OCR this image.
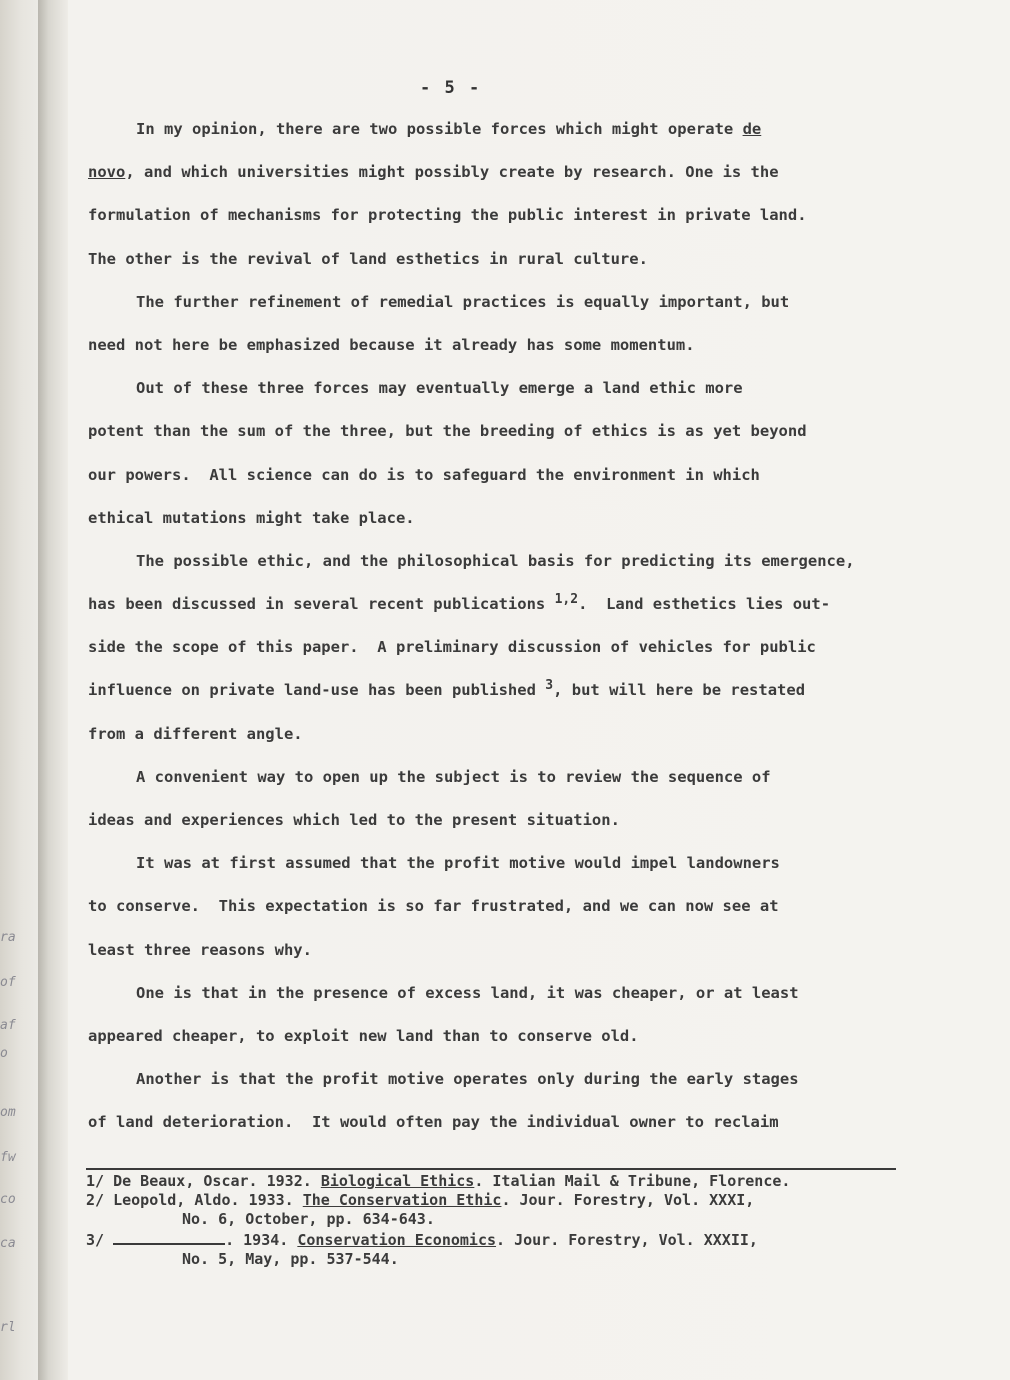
ra
of
af
o
om
fw
co
ca
rl
- 5 -
In my opinion, there are two possible forces which might operate de
novo, and which universities might possibly create by research. One is the
formulation of mechanisms for protecting the public interest in private land.
The other is the revival of land esthetics in rural culture.
The further refinement of remedial practices is equally important, but
need not here be emphasized because it already has some momentum.
Out of these three forces may eventually emerge a land ethic more
potent than the sum of the three, but the breeding of ethics is as yet beyond
our powers.  All science can do is to safeguard the environment in which
ethical mutations might take place.
The possible ethic, and the philosophical basis for predicting its emergence,
has been discussed in several recent publications $^{1,2}$.  Land esthetics lies out-
side the scope of this paper.  A preliminary discussion of vehicles for public
influence on private land-use has been published $^3$, but will here be restated
from a different angle.
A convenient way to open up the subject is to review the sequence of
ideas and experiences which led to the present situation.
It was at first assumed that the profit motive would impel landowners
to conserve.  This expectation is so far frustrated, and we can now see at
least three reasons why.
One is that in the presence of excess land, it was cheaper, or at least
appeared cheaper, to exploit new land than to conserve old.
Another is that the profit motive operates only during the early stages
of land deterioration.  It would often pay the individual owner to reclaim
1/ De Beaux, Oscar. 1932. Biological Ethics. Italian Mail & Tribune, Florence.
2/ Leopold, Aldo. 1933. The Conservation Ethic. Jour. Forestry, Vol. XXXI,
No. 6, October, pp. 634-643.
3/	. 1934. Conservation Economics. Jour. Forestry, Vol. XXXII,
No. 5, May, pp. 537-544.
